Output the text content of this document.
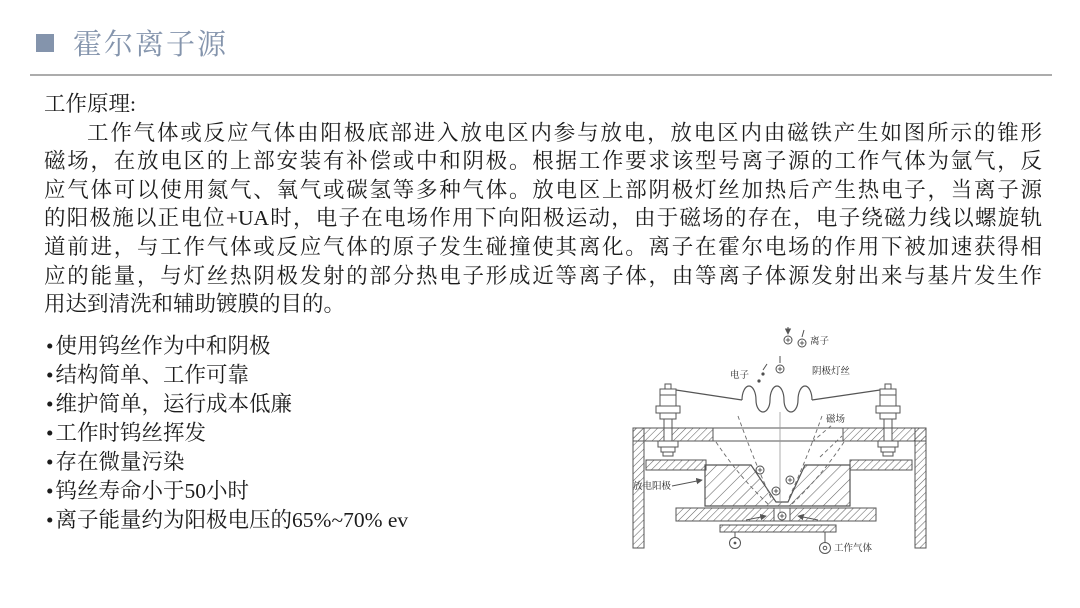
霍尔离子源
工作原理:
工作气体或反应气体由阳极底部进入放电区内参与放电，放电区内由磁铁产生如图所示的锥形
磁场，在放电区的上部安装有补偿或中和阴极。根据工作要求该型号离子源的工作气体为氩气，反
应气体可以使用氮气、氧气或碳氢等多种气体。放电区上部阴极灯丝加热后产生热电子，当离子源
的阳极施以正电位+UA时，电子在电场作用下向阳极运动，由于磁场的存在，电子绕磁力线以螺旋轨
道前进，与工作气体或反应气体的原子发生碰撞使其离化。离子在霍尔电场的作用下被加速获得相
应的能量，与灯丝热阴极发射的部分热电子形成近等离子体，由等离子体源发射出来与基片发生作
用达到清洗和辅助镀膜的目的。
•使用钨丝作为中和阴极
•结构简单、工作可靠
•维护简单，运行成本低廉
•工作时钨丝挥发
•存在微量污染
•钨丝寿命小于50小时
•离子能量约为阳极电压的65%~70% ev
离子
电子	阴极灯丝
磁场
放电阳极
工作气体
